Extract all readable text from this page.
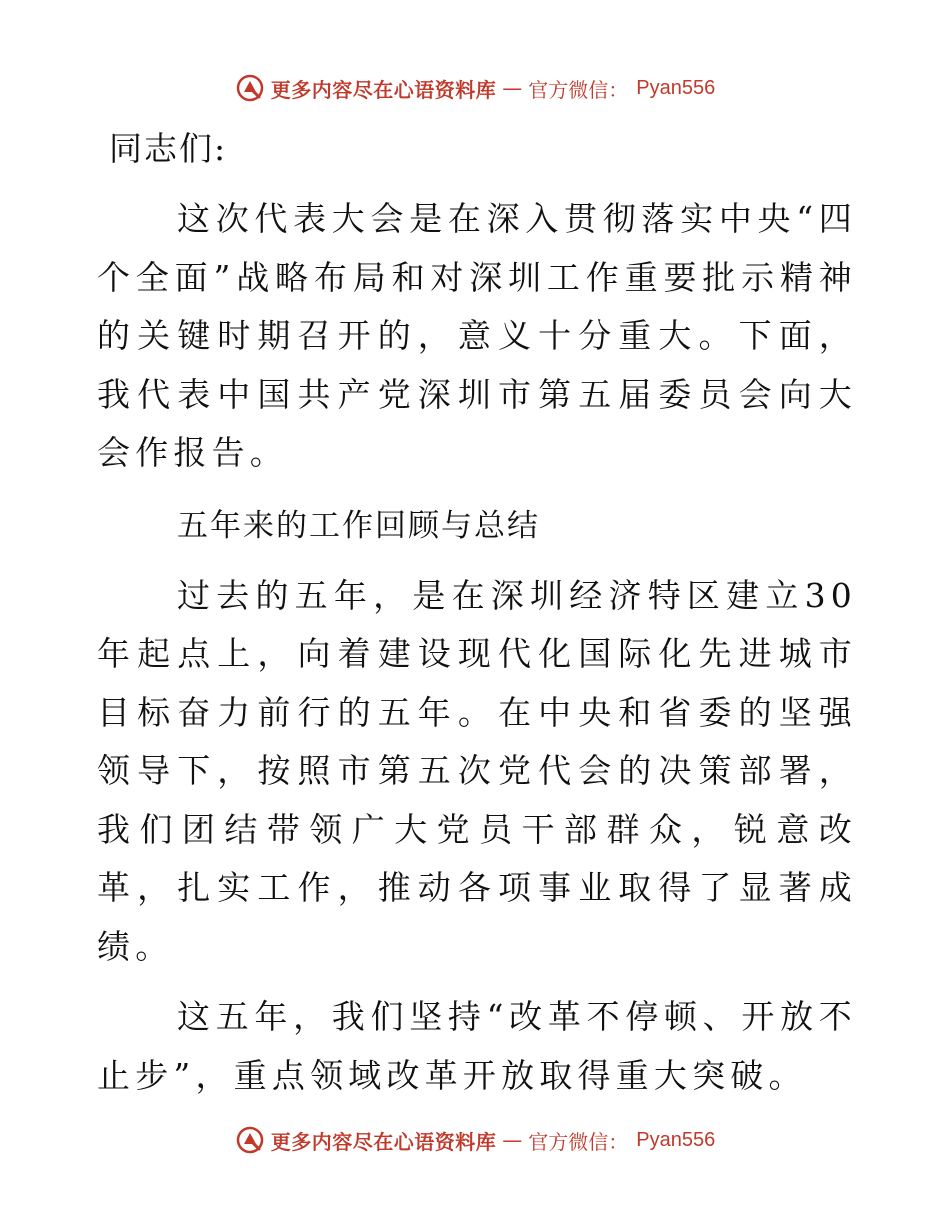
更多内容尽在心语资料库 — 官方微信： Pyan556

同志们:

这次代表大会是在深入贯彻落实中央“四个全面”战略布局和对深圳工作重要批示精神的关键时期召开的，意义十分重大。下面，我代表中国共产党深圳市第五届委员会向大会作报告。

五年来的工作回顾与总结

过去的五年，是在深圳经济特区建立30年起点上，向着建设现代化国际化先进城市目标奋力前行的五年。在中央和省委的坚强领导下，按照市第五次党代会的决策部署，我们团结带领广大党员干部群众，锐意改革，扎实工作，推动各项事业取得了显著成绩。

这五年，我们坚持“改革不停顿、开放不止步”，重点领域改革开放取得重大突破。

更多内容尽在心语资料库 — 官方微信： Pyan556
